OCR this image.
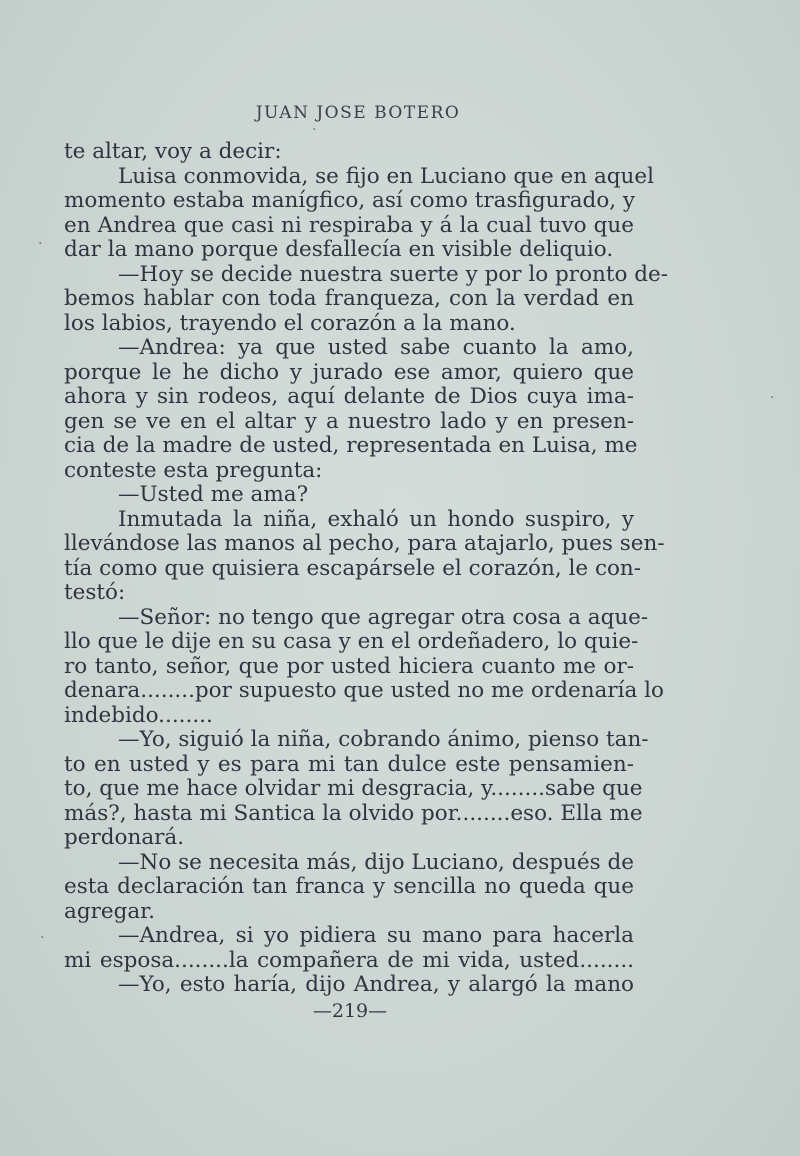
JUAN JOSE BOTERO
te altar, voy a decir:
Luisa conmovida, se fijo en Luciano que en aquel
momento estaba manígfico, así como trasfigurado, y
en Andrea que casi ni respiraba y á la cual tuvo que
dar la mano porque desfallecía en visible deliquio.
—Hoy se decide nuestra suerte y por lo pronto de-
bemos hablar con toda franqueza, con la verdad en
los labios, trayendo el corazón a la mano.
—Andrea: ya que usted sabe cuanto la amo,
porque le he dicho y jurado ese amor, quiero que
ahora y sin rodeos, aquí delante de Dios cuya ima-
gen se ve en el altar y a nuestro lado y en presen-
cia de la madre de usted, representada en Luisa, me
conteste esta pregunta:
—Usted me ama?
Inmutada la niña, exhaló un hondo suspiro, y
llevándose las manos al pecho, para atajarlo, pues sen-
tía como que quisiera escapársele el corazón, le con-
testó:
—Señor: no tengo que agregar otra cosa a aque-
llo que le dije en su casa y en el ordeñadero, lo quie-
ro tanto, señor, que por usted hiciera cuanto me or-
denara........por supuesto que usted no me ordenaría lo
indebido........
—Yo, siguió la niña, cobrando ánimo, pienso tan-
to en usted y es para mi tan dulce este pensamien-
to, que me hace olvidar mi desgracia, y........sabe que
más?, hasta mi Santica la olvido por........eso. Ella me
perdonará.
—No se necesita más, dijo Luciano, después de
esta declaración tan franca y sencilla no queda que
agregar.
—Andrea, si yo pidiera su mano para hacerla
mi esposa........la compañera de mi vida, usted........
—Yo, esto haría, dijo Andrea, y alargó la mano
—219—
·
·
·
·
